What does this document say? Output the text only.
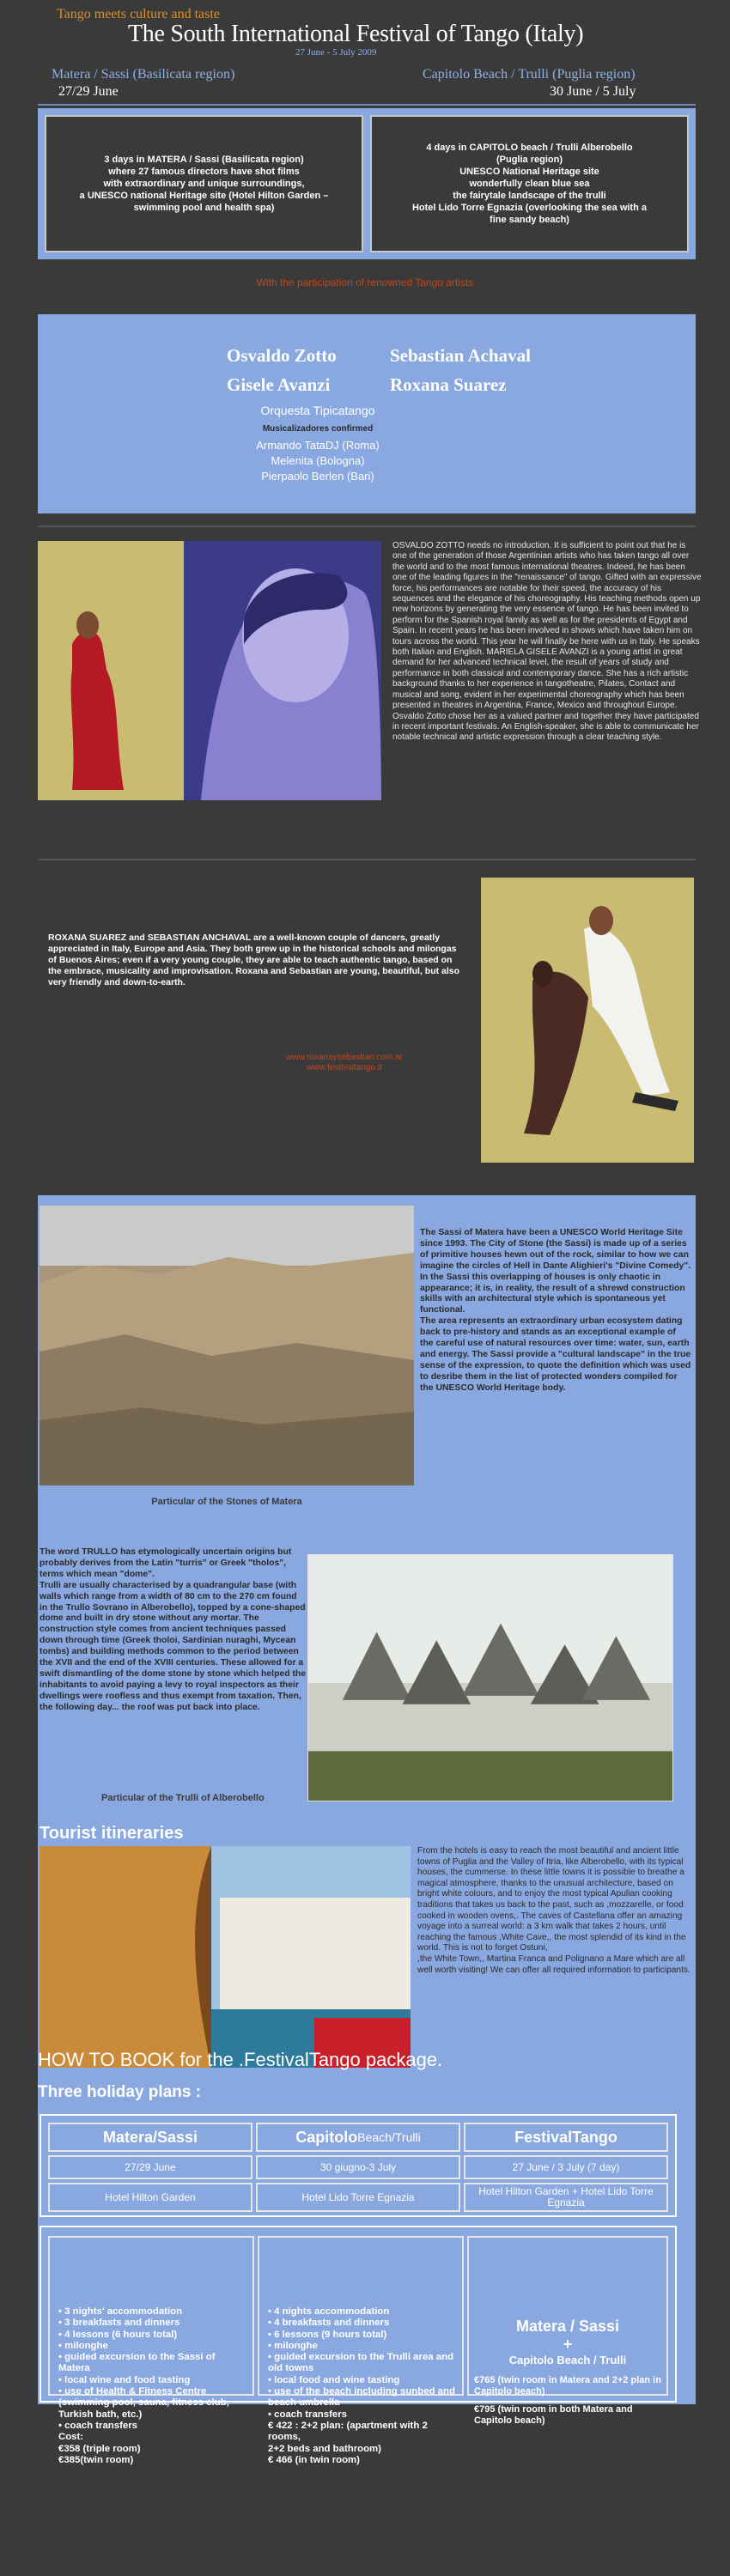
Tango meets culture and taste
The South International Festival of Tango (Italy)
27 June - 5 July 2009
Matera / Sassi (Basilicata region)
27/29 June
Capitolo Beach / Trulli (Puglia region)
30 June / 5 July
3 days in MATERA / Sassi (Basilicata region)
where 27 famous directors have shot films
with extraordinary and unique surroundings,
a UNESCO national Heritage site (Hotel Hilton Garden –
swimming pool and health spa)
4 days in CAPITOLO beach / Trulli Alberobello
(Puglia region)
UNESCO National Heritage site
wonderfully clean blue sea
the fairytale landscape of the trulli
Hotel Lido Torre Egnazia (overlooking the sea with a
fine sandy beach)
With the participation of renowned Tango artists
Osvaldo Zotto	Sebastian Achaval
Gisele Avanzi	Roxana Suarez
Orquesta Tipicatango
Musicalizadores confirmed
Armando TataDJ (Roma)
Melenita (Bologna)
Pierpaolo Berlen (Bari)
OSVALDO ZOTTO needs no introduction. It is sufficient to point out that he is one of the generation of those Argentinian artists who has taken tango all over the world and to the most famous international theatres. Indeed, he has been one of the leading figures in the "renaissance" of tango. Gifted with an expressive force, his performances are notable for their speed, the accuracy of his sequences and the elegance of his choreography. His teaching methods open up new horizons by generating the very essence of tango. He has been invited to perform for the Spanish royal family as well as for the presidents of Egypt and Spain. In recent years he has been involved in shows which have taken him on tours across the world. This year he will finally be here with us in Italy. He speaks both Italian and English. MARIELA GISELE AVANZI is a young artist in great demand for her advanced technical level, the result of years of study and performance in both classical and contemporary dance. She has a rich artistic background thanks to her experience in tangotheatre, Pilates, Contact and musical and song, evident in her experimental choreography which has been presented in theatres in Argentina, France, Mexico and throughout Europe. Osvaldo Zotto chose her as a valued partner and together they have participated in recent important festivals. An English-speaker, she is able to communicate her notable technical and artistic expression through a clear teaching style.
ROXANA SUAREZ and SEBASTIAN ANCHAVAL are a well-known couple of dancers, greatly appreciated in Italy, Europe and Asia. They both grew up in the historical schools and milongas of Buenos Aires; even if a very young couple, they are able to teach authentic tango, based on the embrace, musicality and improvisation. Roxana and Sebastian are young, beautiful, but also very friendly and down-to-earth.
www.roxanaysebastian.com.ar
www.festivaltango.it
The Sassi of Matera have been a UNESCO World Heritage Site since 1993. The City of Stone (the Sassi) is made up of a series of primitive houses hewn out of the rock, similar to how we can imagine the circles of Hell in Dante Alighieri's "Divine Comedy". In the Sassi this overlapping of houses is only chaotic in appearance; it is, in reality, the result of a shrewd construction skills with an architectural style which is spontaneous yet functional.
The area represents an extraordinary urban ecosystem dating back to pre-history and stands as an exceptional example of the careful use of natural resources over time: water, sun, earth and energy. The Sassi provide a "cultural landscape" in the true sense of the expression, to quote the definition which was used to desribe them in the list of protected wonders compiled for the UNESCO World Heritage body.
Particular of the Stones of Matera
The word TRULLO has etymologically uncertain origins but probably derives from the Latin "turris" or Greek "tholos", terms which mean "dome".
Trulli are usually characterised by a quadrangular base (with walls which range from a width of 80 cm to the 270 cm found in the Trullo Sovrano in Alberobello), topped by a cone-shaped dome and built in dry stone without any mortar. The construction style comes from ancient techniques passed down through time (Greek tholoi, Sardinian nuraghi, Mycean tombs) and building methods common to the period between the XVII and the end of the XVIII centuries. These allowed for a swift dismantling of the dome stone by stone which helped the inhabitants to avoid paying a levy to royal inspectors as their dwellings were roofless and thus exempt from taxation. Then, the following day... the roof was put back into place.
Particular of the Trulli of Alberobello
Tourist itineraries
From the hotels is easy to reach the most beautiful and ancient little towns of Puglia and the Valley of Itria, like Alberobello, with its typical houses, the cummerse. In these little towns it is possible to breathe a magical atmosphere, thanks to the unusual architecture, based on bright white colours, and to enjoy the most typical Apulian cooking traditions that takes us back to the past, such as ,mozzarelle, or food cooked in wooden ovens,. The caves of Castellana offer an amazing voyage into a surreal world: a 3 km walk that takes 2 hours, until reaching the famous ,White Cave,, the most splendid of its kind in the world. This is not to forget Ostuni,
,the White Town,, Martina Franca and Polignano a Mare which are all well worth visiting! We can offer all required information to participants.
HOW TO BOOK for the .FestivalTango package.
Three holiday plans :
Matera/Sassi	Capitolo Beach/Trulli	FestivalTango
27/29 June	30 giugno-3 July	27 June / 3 July (7 day)
Hotel Hilton Garden	Hotel Lido Torre Egnazia	Hotel Hilton Garden + Hotel Lido Torre Egnazia
• 3 nights' accommodation
• 3 breakfasts and dinners
• 4 lessons (6 hours total)
• milonghe
• guided excursion to the Sassi of Matera
• local wine and food tasting
• use of Health & Fitness Centre (swimming pool, sauna, fitness club, Turkish bath, etc.)
• coach transfers
Cost:
€358 (triple room)
€385(twin room)
• 4 nights accommodation
• 4 breakfasts and dinners
• 6 lessons (9 hours total)
• milonghe
• guided excursion to the Trulli area and old towns
• local food and wine tasting
• use of the beach including sunbed and beach umbrella
• coach transfers
€ 422 : 2+2 plan: (apartment with 2 rooms,
2+2 beds and bathroom)
€ 466 (in twin room)
Matera / Sassi
+
Capitolo Beach / Trulli
€765 (twin room in Matera and 2+2 plan in Capitolo beach)
€795 (twin room in both Matera and Capitolo beach)
